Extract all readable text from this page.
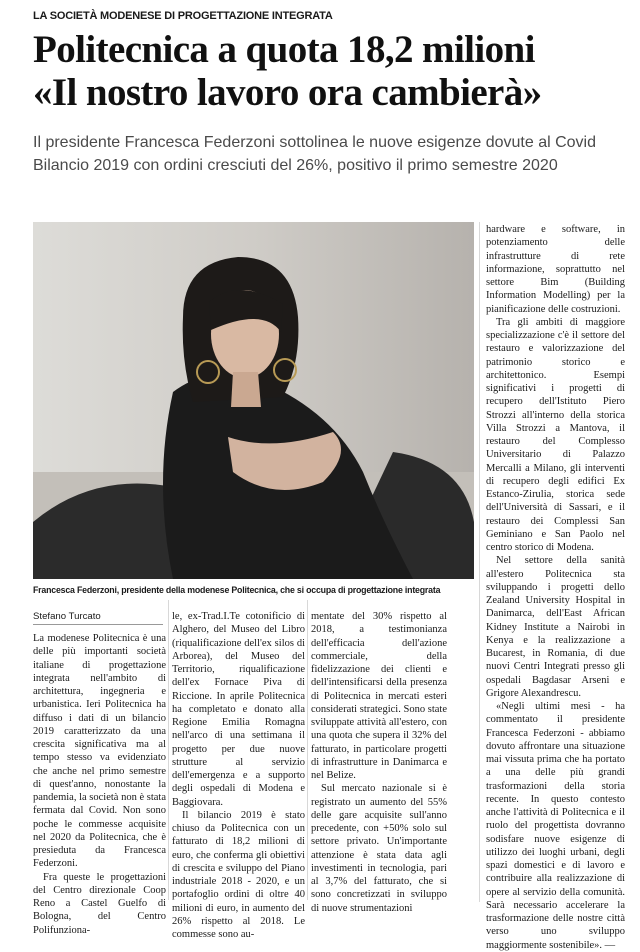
LA SOCIETÀ MODENESE DI PROGETTAZIONE INTEGRATA
Politecnica a quota 18,2 milioni
«Il nostro lavoro ora cambierà»
Il presidente Francesca Federzoni sottolinea le nuove esigenze dovute al Covid
Bilancio 2019 con ordini cresciuti del 26%, positivo il primo semestre 2020
Francesca Federzoni, presidente della modenese Politecnica, che si occupa di progettazione integrata
Stefano Turcato

La modenese Politecnica è una delle più importanti società italiane di progettazione integrata nell'ambito di architettura, ingegneria e urbanistica. Ieri Politecnica ha diffuso i dati di un bilancio 2019 caratterizzato da una crescita significativa ma al tempo stesso va evidenziato che anche nel primo semestre di quest'anno, nonostante la pandemia, la società non è stata fermata dal Covid. Non sono poche le commesse acquisite nel 2020 da Politecnica, che è presieduta da Francesca Federzoni.

Fra queste le progettazioni del Centro direzionale Coop Reno a Castel Guelfo di Bologna, del Centro Polifunziona-

le, ex-Trad.I.Te cotonificio di Alghero, del Museo del Libro (riqualificazione dell'ex silos di Arborea), del Museo del Territorio, riqualificazione dell'ex Fornace Piva di Riccione. In aprile Politecnica ha completato e donato alla Regione Emilia Romagna nell'arco di una settimana il progetto per due nuove strutture al servizio dell'emergenza e a supporto degli ospedali di Modena e Baggiovara.

Il bilancio 2019 è stato chiuso da Politecnica con un fatturato di 18,2 milioni di euro, che conferma gli obiettivi di crescita e sviluppo del Piano industriale 2018 - 2020, e un portafoglio ordini di oltre 40 milioni di euro, in aumento del 26% rispetto al 2018. Le commesse sono au-

mentate del 30% rispetto al 2018, a testimonianza dell'efficacia dell'azione commerciale, della fidelizzazione dei clienti e dell'intensificarsi della presenza di Politecnica in mercati esteri considerati strategici. Sono state sviluppate attività all'estero, con una quota che supera il 32% del fatturato, in particolare progetti di infrastrutture in Danimarca e nel Belize.

Sul mercato nazionale si è registrato un aumento del 55% delle gare acquisite sull'anno precedente, con +50% solo sul settore privato. Un'importante attenzione è stata data agli investimenti in tecnologia, pari al 3,7% del fatturato, che si sono concretizzati in sviluppo di nuove strumentazioni

hardware e software, in potenziamento delle infrastrutture di rete informazione, soprattutto nel settore Bim (Building Information Modelling) per la pianificazione delle costruzioni.

Tra gli ambiti di maggiore specializzazione c'è il settore del restauro e valorizzazione del patrimonio storico e architettonico. Esempi significativi i progetti di recupero dell'Istituto Piero Strozzi all'interno della storica Villa Strozzi a Mantova, il restauro del Complesso Universitario di Palazzo Mercalli a Milano, gli interventi di recupero degli edifici Ex Estanco-Zirulia, storica sede dell'Università di Sassari, e il restauro dei Complessi San Geminiano e San Paolo nel centro storico di Modena.

Nel settore della sanità all'estero Politecnica sta sviluppando i progetti dello Zealand University Hospital in Danimarca, dell'East African Kidney Institute a Nairobi in Kenya e la realizzazione a Bucarest, in Romania, di due nuovi Centri Integrati presso gli ospedali Bagdasar Arseni e Grigore Alexandrescu.

«Negli ultimi mesi - ha commentato il presidente Francesca Federzoni - abbiamo dovuto affrontare una situazione mai vissuta prima che ha portato a una delle più grandi trasformazioni della storia recente. In questo contesto anche l'attività di Politecnica e il ruolo del progettista dovranno sodisfare nuove esigenze di utilizzo dei luoghi urbani, degli spazi domestici e di lavoro e contribuire alla realizzazione di opere al servizio della comunità. Sarà necessario accelerare la trasformazione delle nostre città verso uno sviluppo maggiormente sostenibile». —
